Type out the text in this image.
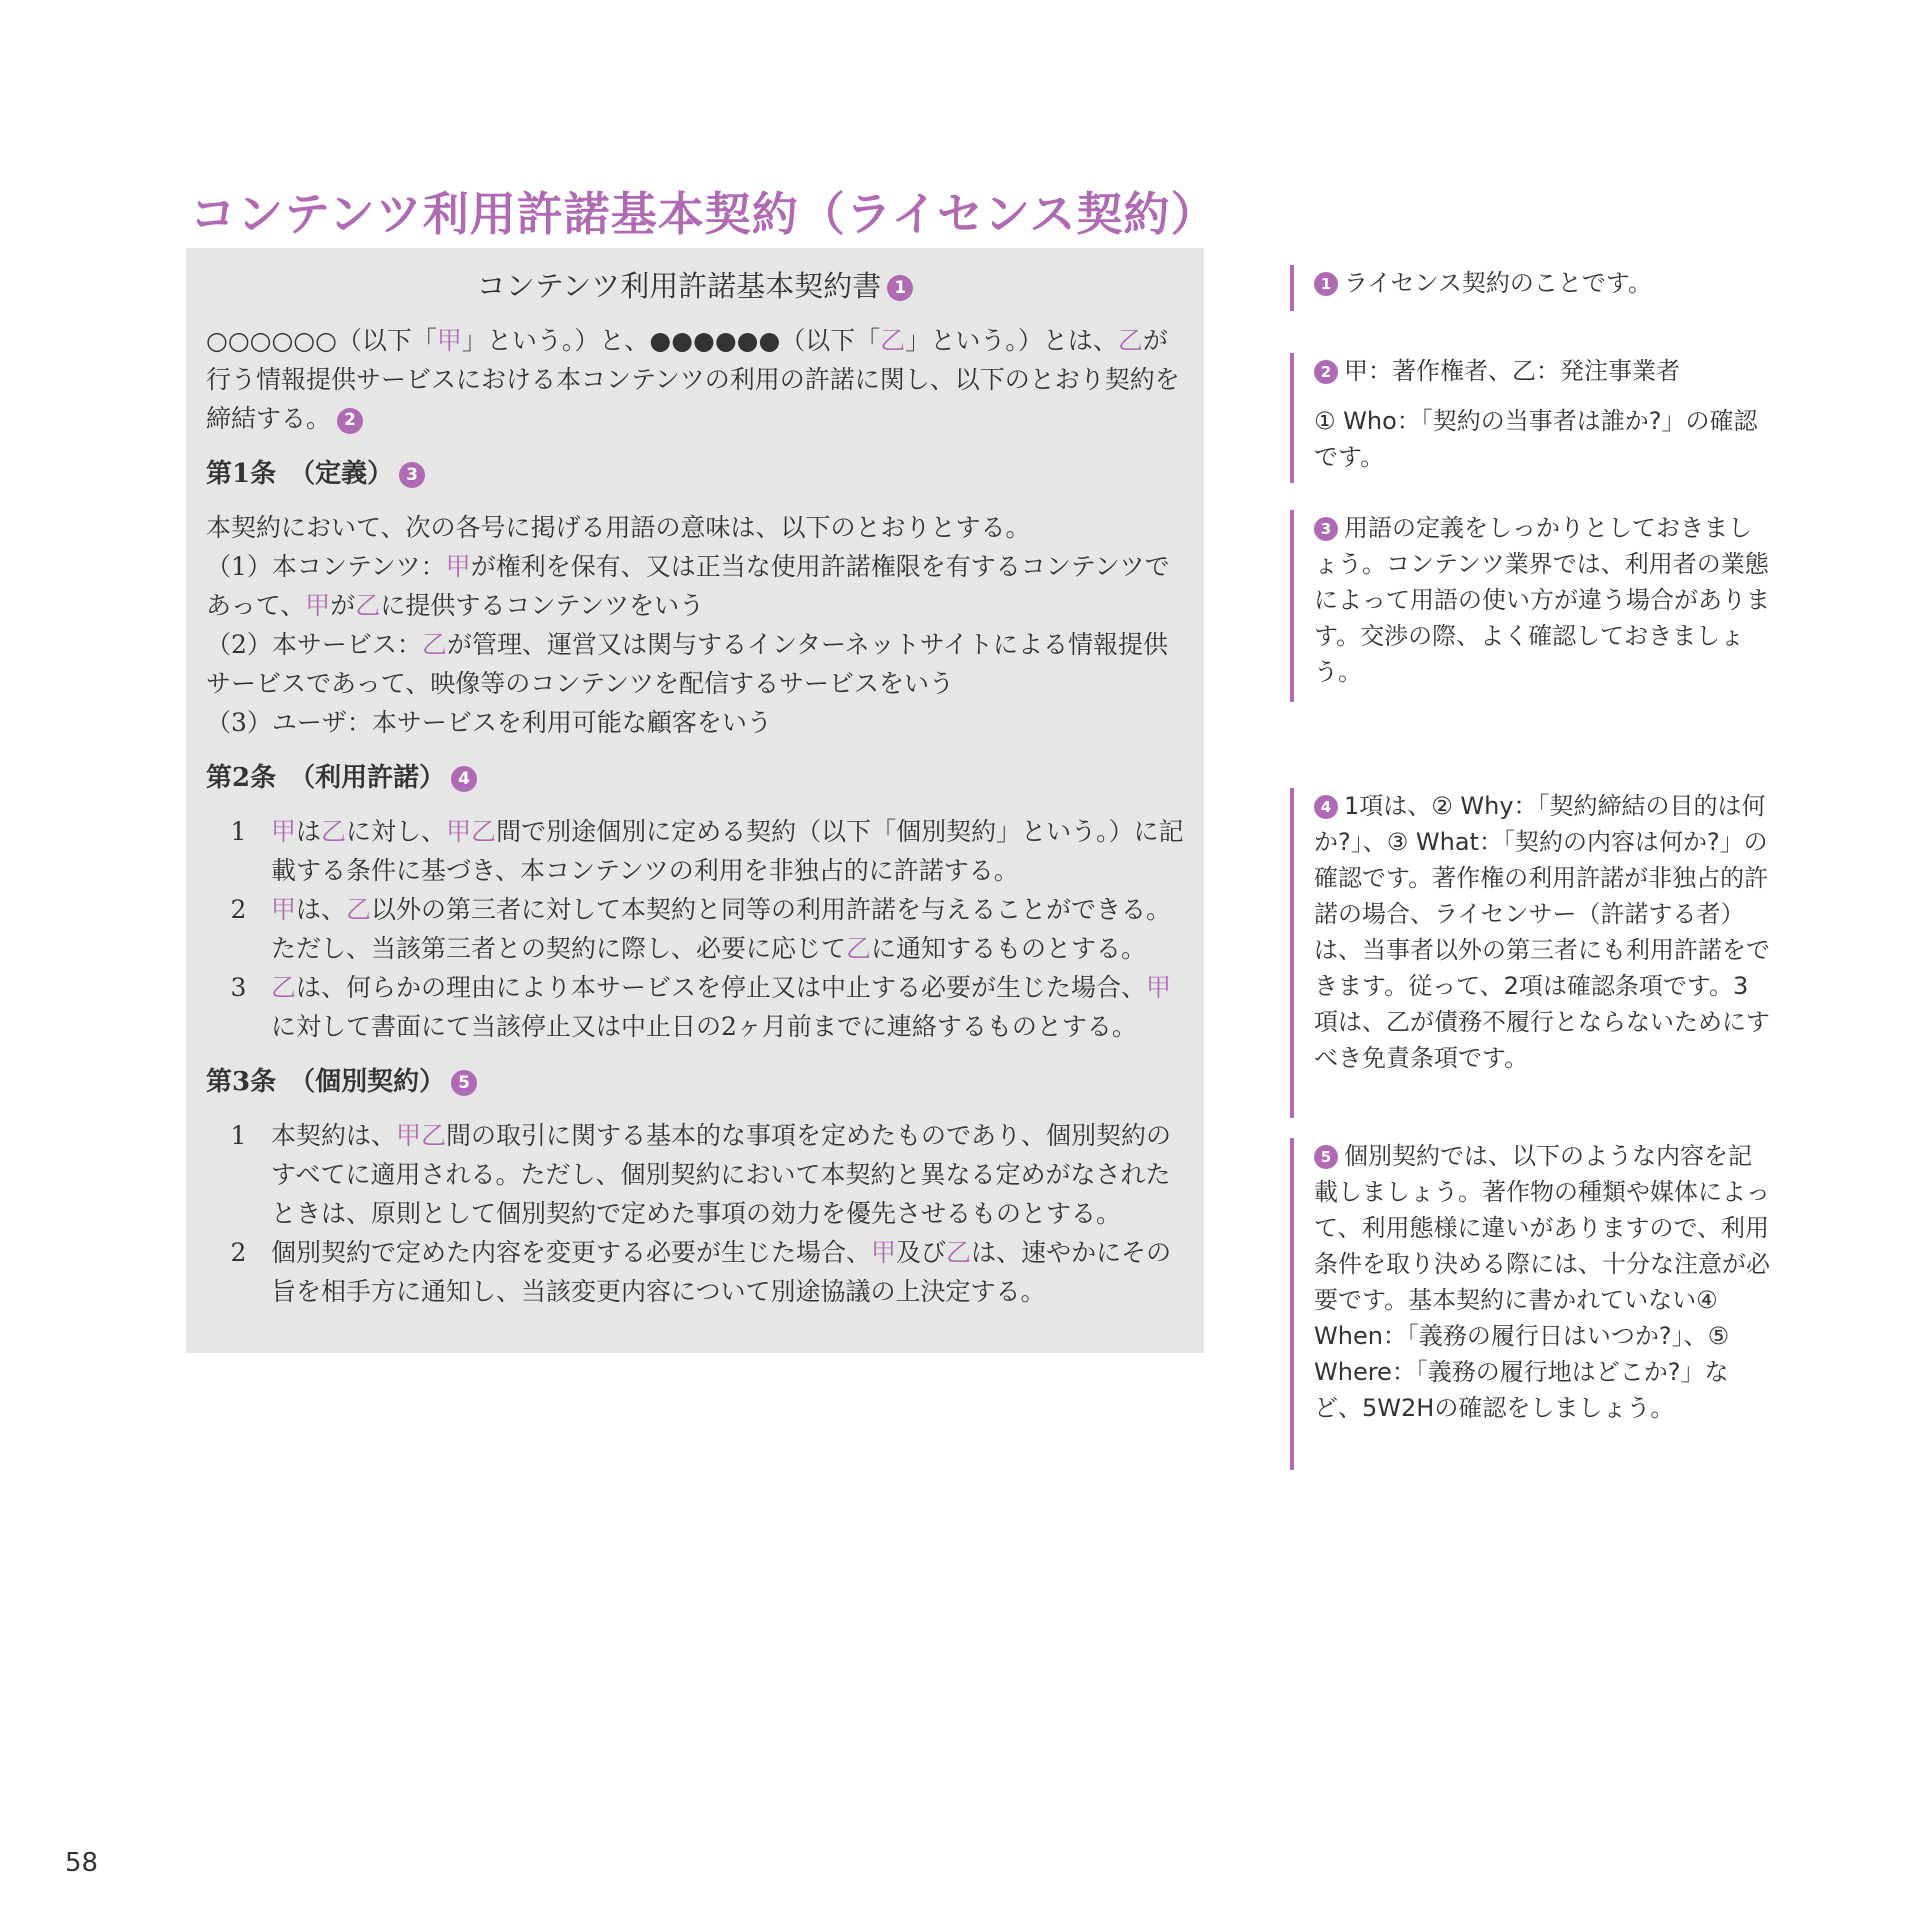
コンテンツ利用許諾基本契約（ライセンス契約）
コンテンツ利用許諾基本契約書 1

○○○○○○（以下「甲」という。）と、●●●●●●（以下「乙」という。）とは、乙が行う情報提供サービスにおける本コンテンツの利用の許諾に関し、以下のとおり契約を締結する。 2

第1条　（定義） 3
本契約において、次の各号に掲げる用語の意味は、以下のとおりとする。
（1）本コンテンツ：甲が権利を保有、又は正当な使用許諾権限を有するコンテンツであって、甲が乙に提供するコンテンツをいう
（2）本サービス：乙が管理、運営又は関与するインターネットサイトによる情報提供サービスであって、映像等のコンテンツを配信するサービスをいう
（3）ユーザ：本サービスを利用可能な顧客をいう
第2条　（利用許諾） 4
1 甲は乙に対し、甲乙間で別途個別に定める契約（以下「個別契約」という。）に記載する条件に基づき、本コンテンツの利用を非独占的に許諾する。
2 甲は、乙以外の第三者に対して本契約と同等の利用許諾を与えることができる。ただし、当該第三者との契約に際し、必要に応じて乙に通知するものとする。
3 乙は、何らかの理由により本サービスを停止又は中止する必要が生じた場合、甲に対して書面にて当該停止又は中止日の2ヶ月前までに連絡するものとする。
第3条　（個別契約） 5
1 本契約は、甲乙間の取引に関する基本的な事項を定めたものであり、個別契約のすべてに適用される。ただし、個別契約において本契約と異なる定めがなされたときは、原則として個別契約で定めた事項の効力を優先させるものとする。
2 個別契約で定めた内容を変更する必要が生じた場合、甲及び乙は、速やかにその旨を相手方に通知し、当該変更内容について別途協議の上決定する。

1 ライセンス契約のことです。

2 甲：著作権者、乙：発注事業者

① Who：「契約の当事者は誰か?」の確認です。

3 用語の定義をしっかりとしておきましょう。コンテンツ業界では、利用者の業態によって用語の使い方が違う場合があります。交渉の際、よく確認しておきましょう。

4 1項は、② Why：「契約締結の目的は何か?」、③ What：「契約の内容は何か?」の確認です。著作権の利用許諾が非独占的許諾の場合、ライセンサー（許諾する者）は、当事者以外の第三者にも利用許諾をできます。従って、2項は確認条項です。3項は、乙が債務不履行とならないためにすべき免責条項です。

5 個別契約では、以下のような内容を記載しましょう。著作物の種類や媒体によって、利用態様に違いがありますので、利用条件を取り決める際には、十分な注意が必要です。基本契約に書かれていない④ When：「義務の履行日はいつか?」、⑤ Where：「義務の履行地はどこか?」など、5W2Hの確認をしましょう。

58
